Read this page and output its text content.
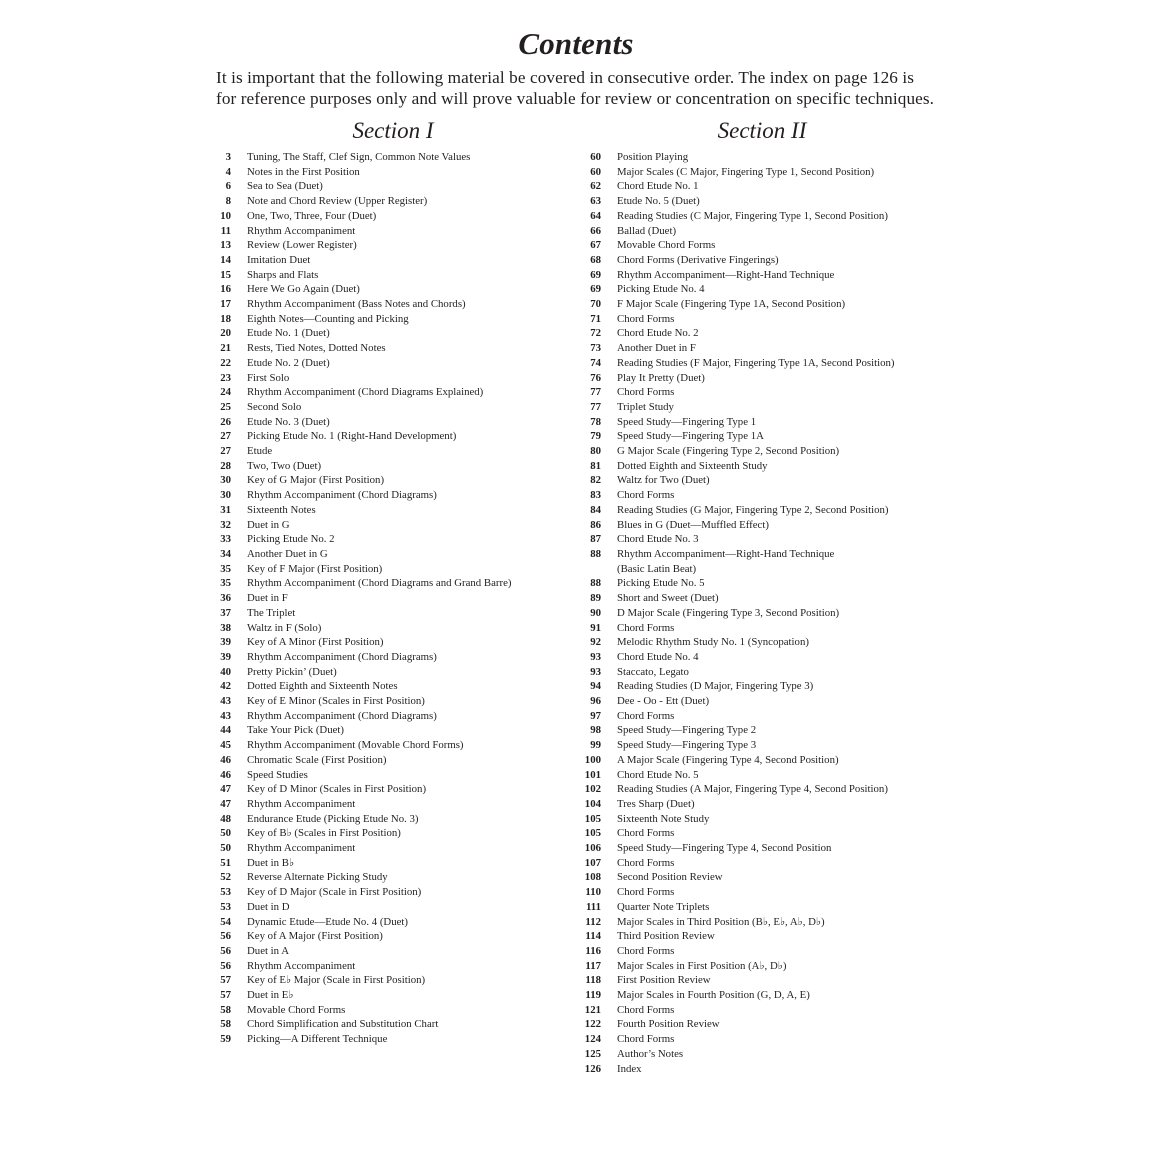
Contents
It is important that the following material be covered in consecutive order. The index on page 126 is
for reference purposes only and will prove valuable for review or concentration on specific techniques.
Section I	Section II
3 Tuning, The Staff, Clef Sign, Common Note Values
4 Notes in the First Position
6 Sea to Sea (Duet)
8 Note and Chord Review (Upper Register)
10 One, Two, Three, Four (Duet)
11 Rhythm Accompaniment
13 Review (Lower Register)
14 Imitation Duet
15 Sharps and Flats
16 Here We Go Again (Duet)
17 Rhythm Accompaniment (Bass Notes and Chords)
18 Eighth Notes—Counting and Picking
20 Etude No. 1 (Duet)
21 Rests, Tied Notes, Dotted Notes
22 Etude No. 2 (Duet)
23 First Solo
24 Rhythm Accompaniment (Chord Diagrams Explained)
25 Second Solo
26 Etude No. 3 (Duet)
27 Picking Etude No. 1 (Right-Hand Development)
27 Etude
28 Two, Two (Duet)
30 Key of G Major (First Position)
30 Rhythm Accompaniment (Chord Diagrams)
31 Sixteenth Notes
32 Duet in G
33 Picking Etude No. 2
34 Another Duet in G
35 Key of F Major (First Position)
35 Rhythm Accompaniment (Chord Diagrams and Grand Barre)
36 Duet in F
37 The Triplet
38 Waltz in F (Solo)
39 Key of A Minor (First Position)
39 Rhythm Accompaniment (Chord Diagrams)
40 Pretty Pickin’ (Duet)
42 Dotted Eighth and Sixteenth Notes
43 Key of E Minor (Scales in First Position)
43 Rhythm Accompaniment (Chord Diagrams)
44 Take Your Pick (Duet)
45 Rhythm Accompaniment (Movable Chord Forms)
46 Chromatic Scale (First Position)
46 Speed Studies
47 Key of D Minor (Scales in First Position)
47 Rhythm Accompaniment
48 Endurance Etude (Picking Etude No. 3)
50 Key of B♭ (Scales in First Position)
50 Rhythm Accompaniment
51 Duet in B♭
52 Reverse Alternate Picking Study
53 Key of D Major (Scale in First Position)
53 Duet in D
54 Dynamic Etude—Etude No. 4 (Duet)
56 Key of A Major (First Position)
56 Duet in A
56 Rhythm Accompaniment
57 Key of E♭ Major (Scale in First Position)
57 Duet in E♭
58 Movable Chord Forms
58 Chord Simplification and Substitution Chart
59 Picking—A Different Technique
60 Position Playing
60 Major Scales (C Major, Fingering Type 1, Second Position)
62 Chord Etude No. 1
63 Etude No. 5 (Duet)
64 Reading Studies (C Major, Fingering Type 1, Second Position)
66 Ballad (Duet)
67 Movable Chord Forms
68 Chord Forms (Derivative Fingerings)
69 Rhythm Accompaniment—Right-Hand Technique
69 Picking Etude No. 4
70 F Major Scale (Fingering Type 1A, Second Position)
71 Chord Forms
72 Chord Etude No. 2
73 Another Duet in F
74 Reading Studies (F Major, Fingering Type 1A, Second Position)
76 Play It Pretty (Duet)
77 Chord Forms
77 Triplet Study
78 Speed Study—Fingering Type 1
79 Speed Study—Fingering Type 1A
80 G Major Scale (Fingering Type 2, Second Position)
81 Dotted Eighth and Sixteenth Study
82 Waltz for Two (Duet)
83 Chord Forms
84 Reading Studies (G Major, Fingering Type 2, Second Position)
86 Blues in G (Duet—Muffled Effect)
87 Chord Etude No. 3
88 Rhythm Accompaniment—Right-Hand Technique
(Basic Latin Beat)
88 Picking Etude No. 5
89 Short and Sweet (Duet)
90 D Major Scale (Fingering Type 3, Second Position)
91 Chord Forms
92 Melodic Rhythm Study No. 1 (Syncopation)
93 Chord Etude No. 4
93 Staccato, Legato
94 Reading Studies (D Major, Fingering Type 3)
96 Dee - Oo - Ett (Duet)
97 Chord Forms
98 Speed Study—Fingering Type 2
99 Speed Study—Fingering Type 3
100 A Major Scale (Fingering Type 4, Second Position)
101 Chord Etude No. 5
102 Reading Studies (A Major, Fingering Type 4, Second Position)
104 Tres Sharp (Duet)
105 Sixteenth Note Study
105 Chord Forms
106 Speed Study—Fingering Type 4, Second Position
107 Chord Forms
108 Second Position Review
110 Chord Forms
111 Quarter Note Triplets
112 Major Scales in Third Position (B♭, E♭, A♭, D♭)
114 Third Position Review
116 Chord Forms
117 Major Scales in First Position (A♭, D♭)
118 First Position Review
119 Major Scales in Fourth Position (G, D, A, E)
121 Chord Forms
122 Fourth Position Review
124 Chord Forms
125 Author’s Notes
126 Index
